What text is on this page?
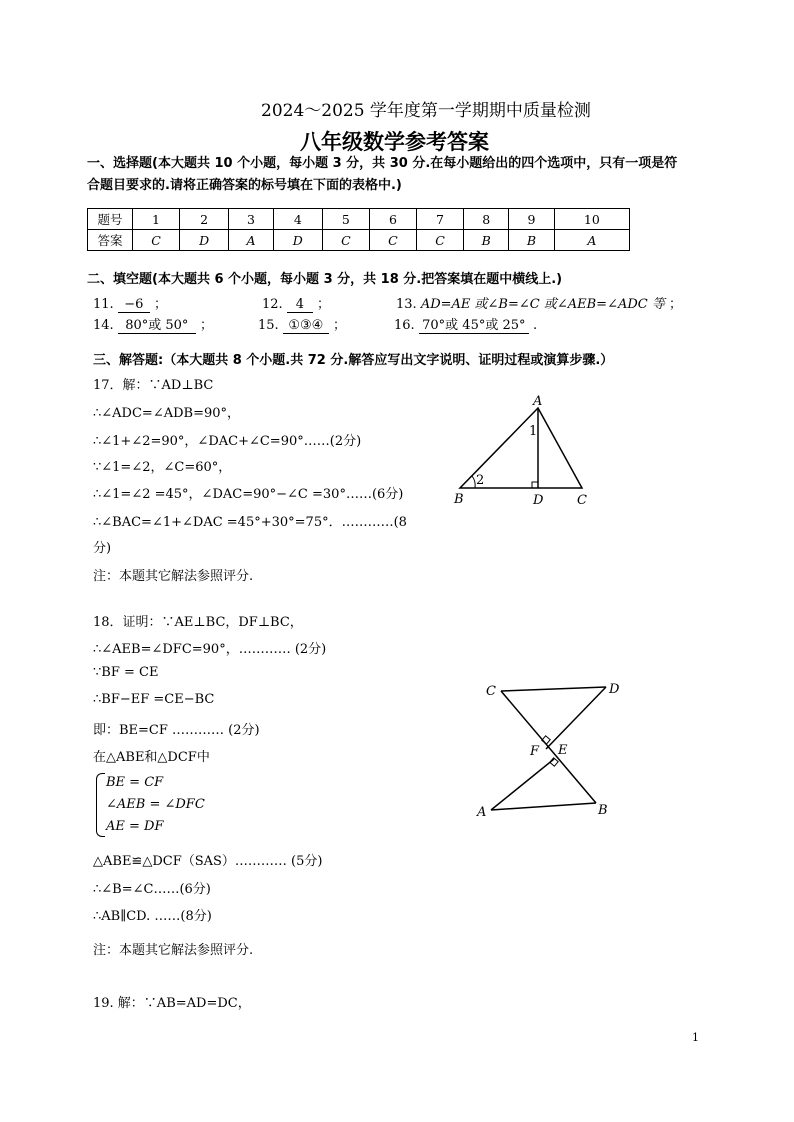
2024～2025 学年度第一学期期中质量检测
八年级数学参考答案
一、选择题(本大题共 10 个小题，每小题 3 分，共 30 分.在每小题给出的四个选项中，只有一项是符
合题目要求的.请将正确答案的标号填在下面的表格中.)
题号	1	2	3	4	5	6	7	8	9	10
答案	C	D	A	D	C	C	C	B	B	A
二、填空题(本大题共 6 个小题，每小题 3 分，共 18 分.把答案填在题中横线上.)
11. −6 ；	12. 4 ；	13. AD=AE 或∠B=∠C 或∠AEB=∠ADC 等 ；
14. 80°或 50° ；	15. ①③④ ；	16. 70°或 45°或 25° .
三、解答题:（本大题共 8 个小题.共 72 分.解答应写出文字说明、证明过程或演算步骤.）
17．解：∵AD⊥BC
∴∠ADC=∠ADB=90°，
∴∠1+∠2=90°，∠DAC+∠C=90°……(2分)
∵∠1=∠2，∠C=60°，
∴∠1=∠2 =45°，∠DAC=90°−∠C =30°……(6分)
∴∠BAC=∠1+∠DAC =45°+30°=75°．…………(8
分)
注：本题其它解法参照评分.
A
B	C
D
1
2
18．证明：∵AE⊥BC，DF⊥BC，
∴∠AEB=∠DFC=90°，………… (2分)
∵BF = CE
∴BF−EF =CE−BC
即：BE=CF ………… (2分)
在△ABE和△DCF中
BE = CF
∠AEB = ∠DFC
AE = DF
△ABE≌△DCF（SAS）………… (5分)
∴∠B=∠C……(6分)
∴AB∥CD. ……(8分)
注：本题其它解法参照评分.
C	D
F E
A	B
19. 解：∵AB=AD=DC，
1
